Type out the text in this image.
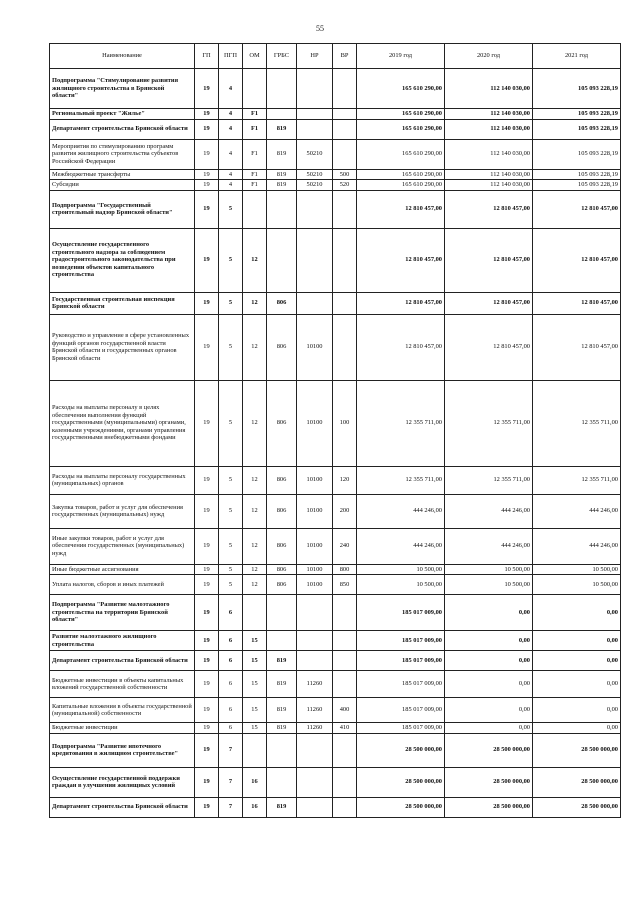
55
Наименование	ГП	ПГП	ОМ	ГРБС	НР	ВР	2019 год	2020 год	2021 год
Подпрограмма "Стимулирование развития жилищного строительства в Брянской области"	19	4					165 610 290,00	112 140 030,00	105 093 228,19
Региональный проект "Жилье"	19	4	F1				165 610 290,00	112 140 030,00	105 093 228,19
Департамент строительства Брянской области	19	4	F1	819			165 610 290,00	112 140 030,00	105 093 228,19
Мероприятия по стимулированию программ развития жилищного строительства субъектов Российской Федерации	19	4	F1	819	50210		165 610 290,00	112 140 030,00	105 093 228,19
Межбюджетные трансферты	19	4	F1	819	50210	500	165 610 290,00	112 140 030,00	105 093 228,19
Субсидии	19	4	F1	819	50210	520	165 610 290,00	112 140 030,00	105 093 228,19
Подпрограмма "Государственный строительный надзор Брянской области"	19	5					12 810 457,00	12 810 457,00	12 810 457,00
Осуществление государственного строительного надзора за соблюдением градостроительного законодательства при возведении объектов капитального строительства	19	5	12				12 810 457,00	12 810 457,00	12 810 457,00
Государственная строительная инспекция Брянской области	19	5	12	806			12 810 457,00	12 810 457,00	12 810 457,00
Руководство и управление в сфере установленных функций органов государственной власти Брянской области и государственных органов Брянской области	19	5	12	806	10100		12 810 457,00	12 810 457,00	12 810 457,00
Расходы на выплаты персоналу в целях обеспечения выполнения функций государственными (муниципальными) органами, казенными учреждениями, органами управления государственными внебюджетными фондами	19	5	12	806	10100	100	12 355 711,00	12 355 711,00	12 355 711,00
Расходы на выплаты персоналу государственных (муниципальных) органов	19	5	12	806	10100	120	12 355 711,00	12 355 711,00	12 355 711,00
Закупка товаров, работ и услуг для обеспечения государственных (муниципальных) нужд	19	5	12	806	10100	200	444 246,00	444 246,00	444 246,00
Иные закупки товаров, работ и услуг для обеспечения государственных (муниципальных) нужд	19	5	12	806	10100	240	444 246,00	444 246,00	444 246,00
Иные бюджетные ассигнования	19	5	12	806	10100	800	10 500,00	10 500,00	10 500,00
Уплата налогов, сборов и иных платежей	19	5	12	806	10100	850	10 500,00	10 500,00	10 500,00
Подпрограмма "Развитие малоэтажного строительства на территории Брянской области"	19	6					185 017 009,00	0,00	0,00
Развитие малоэтажного жилищного строительства	19	6	15				185 017 009,00	0,00	0,00
Департамент строительства Брянской области	19	6	15	819			185 017 009,00	0,00	0,00
Бюджетные инвестиции в объекты капитальных вложений государственной собственности	19	6	15	819	11260		185 017 009,00	0,00	0,00
Капитальные вложения в объекты государственной (муниципальной) собственности	19	6	15	819	11260	400	185 017 009,00	0,00	0,00
Бюджетные инвестиции	19	6	15	819	11260	410	185 017 009,00	0,00	0,00
Подпрограмма "Развитие ипотечного кредитования в жилищном строительстве"	19	7					28 500 000,00	28 500 000,00	28 500 000,00
Осуществление государственной поддержки граждан в улучшении жилищных условий	19	7	16				28 500 000,00	28 500 000,00	28 500 000,00
Департамент строительства Брянской области	19	7	16	819			28 500 000,00	28 500 000,00	28 500 000,00
